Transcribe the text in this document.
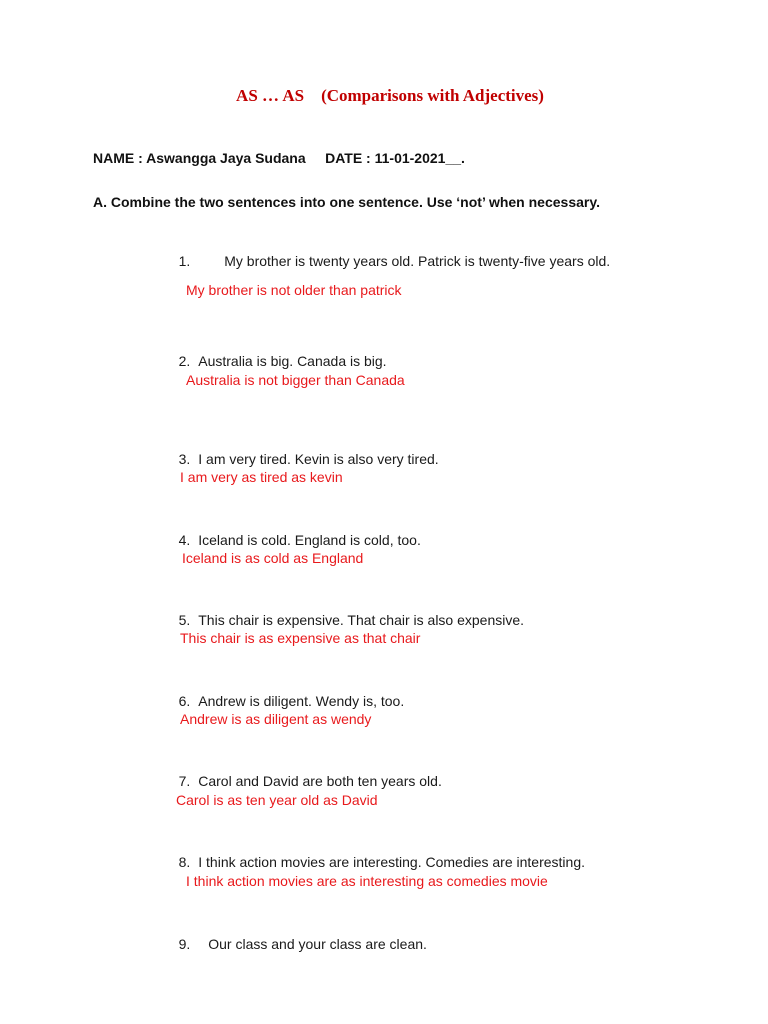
AS … AS    (Comparisons with Adjectives)
NAME : Aswangga Jaya Sudana     DATE : 11-01-2021__.
A. Combine the two sentences into one sentence. Use ‘not’ when necessary.

1. My brother is twenty years old. Patrick is twenty-five years old.

My brother is not older than patrick

2. Australia is big. Canada is big.

Australia is not bigger than Canada

3. I am very tired. Kevin is also very tired.

I am very as tired as kevin

4. Iceland is cold. England is cold, too.

Iceland is as cold as England

5. This chair is expensive. That chair is also expensive.

This chair is as expensive as that chair

6. Andrew is diligent. Wendy is, too.

Andrew is as diligent as wendy

7. Carol and David are both ten years old.

Carol is as ten year old as David

8. I think action movies are interesting. Comedies are interesting.

I think action movies are as interesting as comedies movie

9. Our class and your class are clean.
